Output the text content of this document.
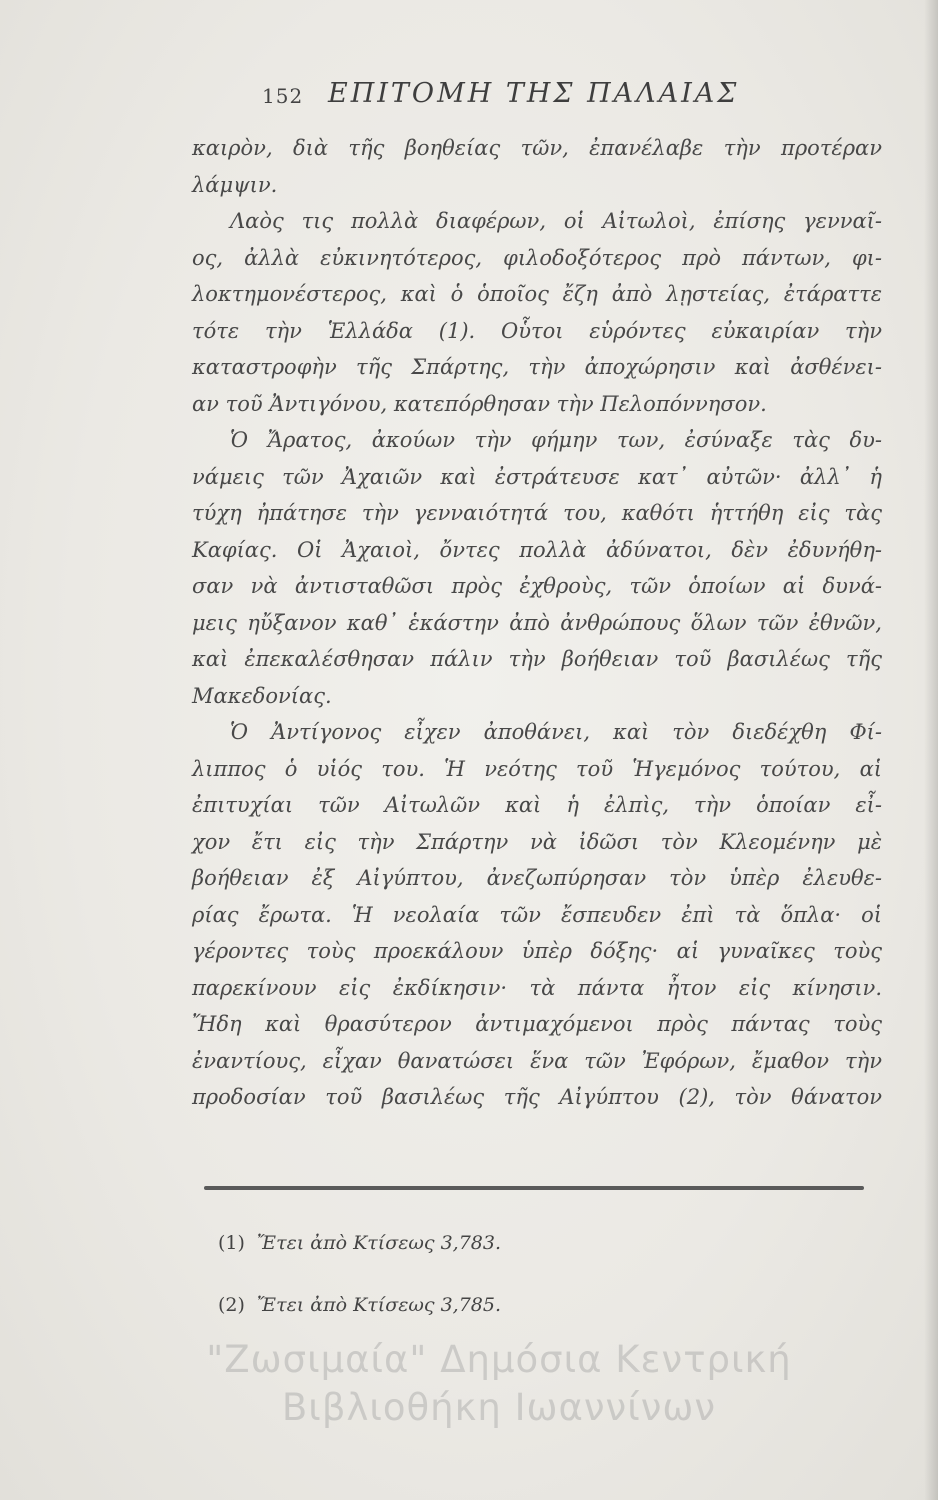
152 ΕΠΙΤΟΜΗ ΤΗΣ ΠΑΛΑΙΑΣ
καιρὸν, διὰ τῆς βοηθείας τῶν, ἐπανέλαβε τὴν προτέραν
λάμψιν.
Λαὸς τις πολλὰ διαφέρων, οἱ Αἰτωλοὶ, ἐπίσης γενναῖ-
ος, ἀλλὰ εὐκινητότερος, φιλοδοξότερος πρὸ πάντων, φι-
λοκτημονέστερος, καὶ ὁ ὁποῖος ἔζη ἀπὸ λῃστείας, ἐτάραττε
τότε τὴν Ἑλλάδα (1). Οὗτοι εὑρόντες εὐκαιρίαν τὴν
καταστροφὴν τῆς Σπάρτης, τὴν ἀποχώρησιν καὶ ἀσθένει-
αν τοῦ Ἀντιγόνου, κατεπόρθησαν τὴν Πελοπόννησον.
Ὁ Ἄρατος, ἀκούων τὴν φήμην των, ἐσύναξε τὰς δυ-
νάμεις τῶν Ἀχαιῶν καὶ ἐστράτευσε κατ᾽ αὐτῶν· ἀλλ᾽ ἡ
τύχη ἠπάτησε τὴν γενναιότητά του, καθότι ἡττήθη εἰς τὰς
Καφίας. Οἱ Ἀχαιοὶ, ὄντες πολλὰ ἀδύνατοι, δὲν ἐδυνήθη-
σαν νὰ ἀντισταθῶσι πρὸς ἐχθροὺς, τῶν ὁποίων αἱ δυνά-
μεις ηὔξανον καθ᾽ ἑκάστην ἀπὸ ἀνθρώπους ὅλων τῶν ἐθνῶν,
καὶ ἐπεκαλέσθησαν πάλιν τὴν βοήθειαν τοῦ βασιλέως τῆς
Μακεδονίας.
Ὁ Ἀντίγονος εἶχεν ἀποθάνει, καὶ τὸν διεδέχθη Φί-
λιππος ὁ υἱός του. Ἡ νεότης τοῦ Ἡγεμόνος τούτου, αἱ
ἐπιτυχίαι τῶν Αἰτωλῶν καὶ ἡ ἐλπὶς, τὴν ὁποίαν εἶ-
χον ἔτι εἰς τὴν Σπάρτην νὰ ἰδῶσι τὸν Κλεομένην μὲ
βοήθειαν ἐξ Αἰγύπτου, ἀνεζωπύρησαν τὸν ὑπὲρ ἐλευθε-
ρίας ἔρωτα. Ἡ νεολαία τῶν ἔσπευδεν ἐπὶ τὰ ὅπλα· οἱ
γέροντες τοὺς προεκάλουν ὑπὲρ δόξης· αἱ γυναῖκες τοὺς
παρεκίνουν εἰς ἐκδίκησιν· τὰ πάντα ἦτον εἰς κίνησιν.
Ἤδη καὶ θρασύτερον ἀντιμαχόμενοι πρὸς πάντας τοὺς
ἐναντίους, εἶχαν θανατώσει ἕνα τῶν Ἐφόρων, ἔμαθον τὴν
προδοσίαν τοῦ βασιλέως τῆς Αἰγύπτου (2), τὸν θάνατον
(1) Ἔτει ἀπὸ Κτίσεως 3,783.
(2) Ἔτει ἀπὸ Κτίσεως 3,785.
"Ζωσιμαία" Δημόσια Κεντρική
Βιβλιοθήκη Ιωαννίνων
